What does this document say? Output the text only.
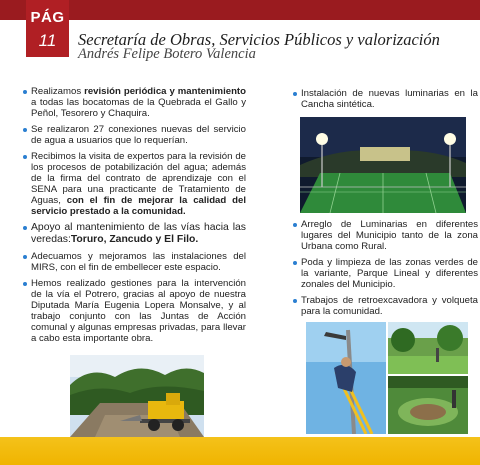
PÁG
11	Secretaría de Obras, Servicios Públicos y valorización
Andrés Felipe Botero Valencia
Realizamos revisión periódica y mantenimiento a todas las bocatomas de la Quebrada el Gallo y Peñol, Tesorero y Chaquira.
Se realizaron 27 conexiones nuevas del servicio de agua a usuarios que lo requerían.
Recibimos la visita de expertos para la revisión de los procesos de potabilización del agua; además de la firma del contrato de aprendizaje con el SENA para una practicante de Tratamiento de Aguas, con el fin de mejorar la calidad del servicio prestado a la comunidad.
Apoyo al mantenimiento de las vías hacia las veredas:Toruro, Zancudo y El Filo.
Adecuamos y mejoramos las instalaciones del MIRS, con el fin de embellecer este espacio.
Hemos realizado gestiones para la intervención de la vía el Potrero, gracias al apoyo de nuestra Diputada María Eugenia Lopera Monsalve, y al trabajo conjunto con las Juntas de Acción comunal y algunas empresas privadas, para llevar a cabo esta importante obra.
Instalación de nuevas luminarias en la Cancha sintética.
Arreglo de Luminarias en diferentes lugares del Municipio tanto de la zona Urbana como Rural.
Poda y limpieza de las zonas verdes de la variante, Parque Lineal y diferentes zonales del Municipio.
Trabajos de retroexcavadora y volqueta para la comunidad.
